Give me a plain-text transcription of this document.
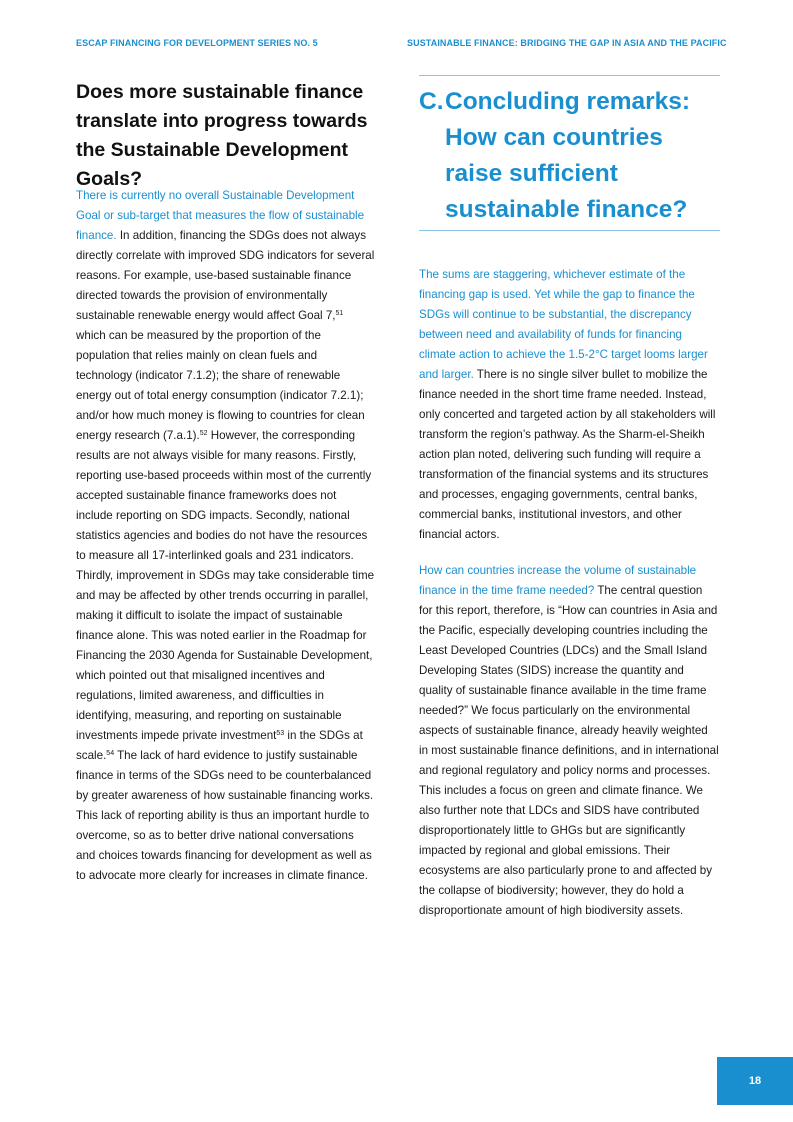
ESCAP FINANCING FOR DEVELOPMENT SERIES NO. 5	SUSTAINABLE FINANCE: BRIDGING THE GAP IN ASIA AND THE PACIFIC
Does more sustainable finance translate into progress towards the Sustainable Development Goals?

There is currently no overall Sustainable Development Goal or sub-target that measures the flow of sustainable finance. In addition, financing the SDGs does not always directly correlate with improved SDG indicators for several reasons. For example, use-based sustainable finance directed towards the provision of environmentally sustainable renewable energy would affect Goal 7,51 which can be measured by the proportion of the population that relies mainly on clean fuels and technology (indicator 7.1.2); the share of renewable energy out of total energy consumption (indicator 7.2.1); and/or how much money is flowing to countries for clean energy research (7.a.1).$^{52}$ However, the corresponding results are not always visible for many reasons. Firstly, reporting use-based proceeds within most of the currently accepted sustainable finance frameworks does not include reporting on SDG impacts. Secondly, national statistics agencies and bodies do not have the resources to measure all 17-interlinked goals and 231 indicators. Thirdly, improvement in SDGs may take considerable time and may be affected by other trends occurring in parallel, making it difficult to isolate the impact of sustainable finance alone. This was noted earlier in the Roadmap for Financing the 2030 Agenda for Sustainable Development, which pointed out that misaligned incentives and regulations, limited awareness, and difficulties in identifying, measuring, and reporting on sustainable investments impede private investment$^{53}$ in the SDGs at scale.$^{54}$ The lack of hard evidence to justify sustainable finance in terms of the SDGs need to be counterbalanced by greater awareness of how sustainable financing works. This lack of reporting ability is thus an important hurdle to overcome, so as to better drive national conversations and choices towards financing for development as well as to advocate more clearly for increases in climate finance.

C. Concluding remarks: How can countries raise sufficient sustainable finance?

The sums are staggering, whichever estimate of the financing gap is used. Yet while the gap to finance the SDGs will continue to be substantial, the discrepancy between need and availability of funds for financing climate action to achieve the 1.5-2°C target looms larger and larger. There is no single silver bullet to mobilize the finance needed in the short time frame needed. Instead, only concerted and targeted action by all stakeholders will transform the region’s pathway. As the Sharm-el-Sheikh action plan noted, delivering such funding will require a transformation of the financial systems and its structures and processes, engaging governments, central banks, commercial banks, institutional investors, and other financial actors.

How can countries increase the volume of sustainable finance in the time frame needed? The central question for this report, therefore, is “How can countries in Asia and the Pacific, especially developing countries including the Least Developed Countries (LDCs) and the Small Island Developing States (SIDS) increase the quantity and quality of sustainable finance available in the time frame needed?” We focus particularly on the environmental aspects of sustainable finance, already heavily weighted in most sustainable finance definitions, and in international and regional regulatory and policy norms and processes. This includes a focus on green and climate finance. We also further note that LDCs and SIDS have contributed disproportionately little to GHGs but are significantly impacted by regional and global emissions. Their ecosystems are also particularly prone to and affected by the collapse of biodiversity; however, they do hold a disproportionate amount of high biodiversity assets.

18
